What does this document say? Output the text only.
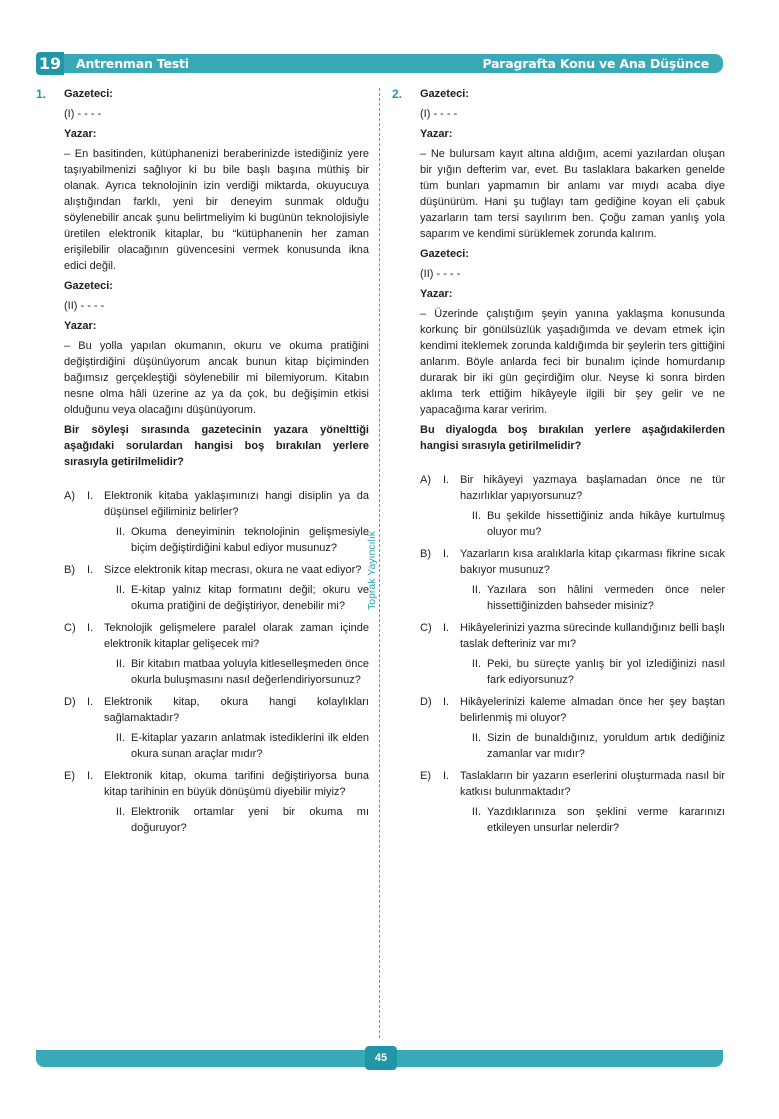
19 Antrenman Testi	Paragrafta Konu ve Ana Düşünce
Toprak Yayıncılık
1. Gazeteci:

(I) - - - -

Yazar:

– En basitinden, kütüphanenizi beraberinizde istediğiniz yere taşıyabilmenizi sağlıyor ki bu bile başlı başına müthiş bir olanak. Ayrıca teknolojinin izin verdiği miktarda, okuyucuya alıştığından farklı, yeni bir deneyim sunmak olduğu söylenebilir ancak şunu belirtmeliyim ki bugünün teknolojisiyle üretilen elektronik kitaplar, bu “kütüphanenin her zaman erişilebilir olacağının güvencesini vermek konusunda ikna edici değil.

Gazeteci:

(II) - - - -

Yazar:

– Bu yolla yapılan okumanın, okuru ve okuma pratiğini değiştirdiğini düşünüyorum ancak bunun kitap biçiminden bağımsız gerçekleştiği söylenebilir mi bilemiyorum. Kitabın nesne olma hâli üzerine az ya da çok, bu değişimin etkisi olduğunu veya olacağını düşünüyorum.

Bir söyleşi sırasında gazetecinin yazara yönelttiği aşağıdaki sorulardan hangisi boş bırakılan yerlere sırasıyla getirilmelidir?

A)	I. Elektronik kitaba yaklaşımınızı hangi disiplin ya da düşünsel eğiliminiz belirler?
II. Okuma deneyiminin teknolojinin gelişmesiyle biçim değiştirdiğini kabul ediyor musunuz?
B)	I. Sizce elektronik kitap mecrası, okura ne vaat ediyor?
II. E-kitap yalnız kitap formatını değil; okuru ve okuma pratiğini de değiştiriyor, denebilir mi?
C)	I. Teknolojik gelişmelere paralel olarak zaman içinde elektronik kitaplar gelişecek mi?
II. Bir kitabın matbaa yoluyla kitleselleşmeden önce okurla buluşmasını nasıl değerlendiriyorsunuz?
D)	I. Elektronik kitap, okura hangi kolaylıkları sağlamaktadır?
II. E-kitaplar yazarın anlatmak istediklerini ilk elden okura sunan araçlar mıdır?
E)	I. Elektronik kitap, okuma tarifini değiştiriyorsa buna kitap tarihinin en büyük dönüşümü diyebilir miyiz?
II. Elektronik ortamlar yeni bir okuma mı doğuruyor?
2. Gazeteci:

(I) - - - -

Yazar:

– Ne bulursam kayıt altına aldığım, acemi yazılardan oluşan bir yığın defterim var, evet. Bu taslaklara bakarken genelde tüm bunları yapmamın bir anlamı var mıydı acaba diye düşünürüm. Hani şu tuğlayı tam gediğine koyan eli çabuk yazarların tam tersi sayılırım ben. Çoğu zaman yanlış yola saparım ve kendimi sürüklemek zorunda kalırım.

Gazeteci:

(II) - - - -

Yazar:

– Üzerinde çalıştığım şeyin yanına yaklaşma konusunda korkunç bir gönülsüzlük yaşadığımda ve devam etmek için kendimi iteklemek zorunda kaldığımda bir şeylerin ters gittiğini anlarım. Böyle anlarda feci bir bunalım içinde homurdanıp durarak bir iki gün geçirdiğim olur. Neyse ki sonra birden aklıma terk ettiğim hikâyeyle ilgili bir şey gelir ve ne yapacağıma karar veririm.

Bu diyalogda boş bırakılan yerlere aşağıdakilerden hangisi sırasıyla getirilmelidir?

A)	I. Bir hikâyeyi yazmaya başlamadan önce ne tür hazırlıklar yapıyorsunuz?
II. Bu şekilde hissettiğiniz anda hikâye kurtulmuş oluyor mu?
B)	I. Yazarların kısa aralıklarla kitap çıkarması fikrine sıcak bakıyor musunuz?
II. Yazılara son hâlini vermeden önce neler hissettiğinizden bahseder misiniz?
C)	I. Hikâyelerinizi yazma sürecinde kullandığınız belli başlı taslak defteriniz var mı?
II. Peki, bu süreçte yanlış bir yol izlediğinizi nasıl fark ediyorsunuz?
D)	I. Hikâyelerinizi kaleme almadan önce her şey baştan belirlenmiş mi oluyor?
II. Sizin de bunaldığınız, yoruldum artık dediğiniz zamanlar var mıdır?
E)	I. Taslakların bir yazarın eserlerini oluşturmada nasıl bir katkısı bulunmaktadır?
II. Yazdıklarınıza son şeklini verme kararınızı etkileyen unsurlar nelerdir?
45
